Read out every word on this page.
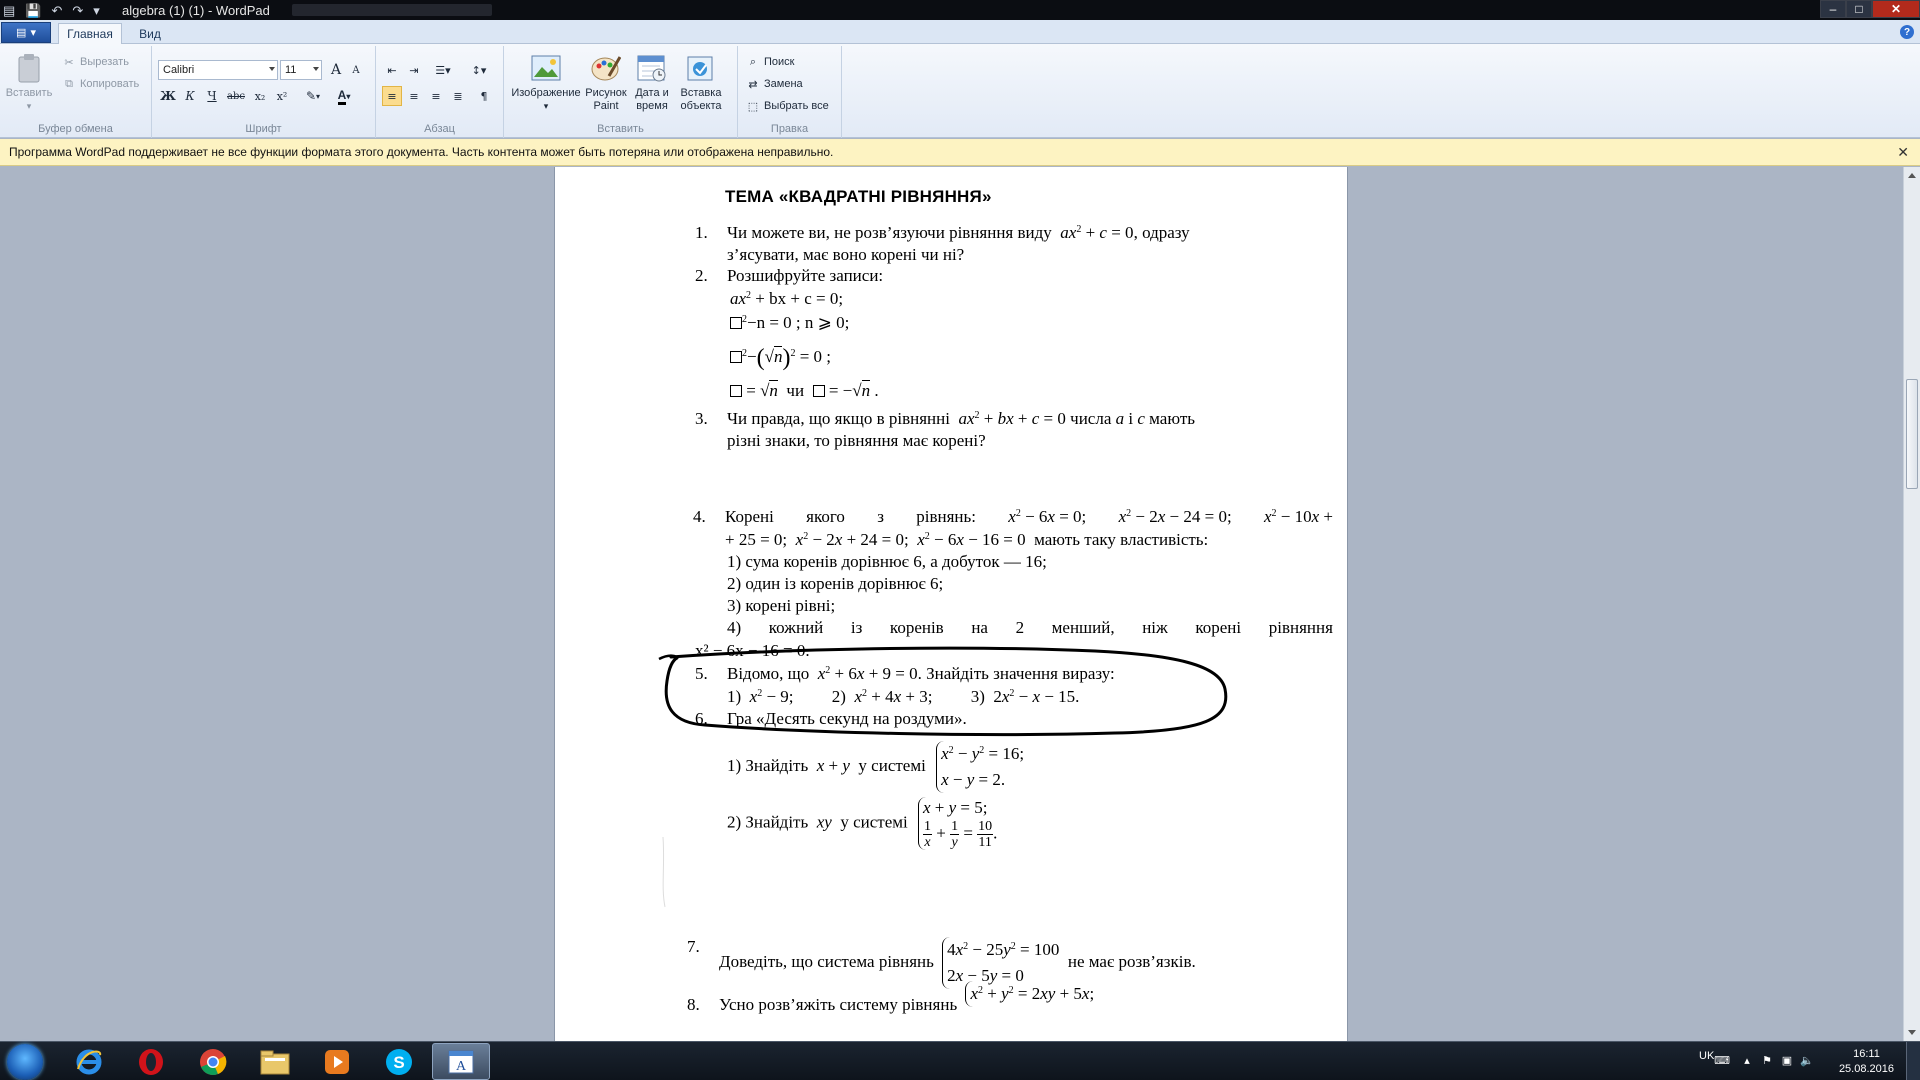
▤ 💾 ↶ ↷ ▾	algebra (1) (1) - WordPad	‒	□	✕
▤ ▾	Главная	Вид	?
Вставить
▾
✂ Вырезать
⧉ Копировать
Буфер обмена
Calibri	11	A	A
Ж К	Ч	abc x₂	x²	✎ ▾ A ▾
Шрифт
⇤	⇥	☰▾	↕▾
≡	≡	≡	≣	¶
Абзац
Изображение
▾
Рисунок
Paint
Дата и
время
Вставка
объекта
Вставить
⌕ Поиск
⇄ Замена
⬚ Выбрать все
Правка
Программа WordPad поддерживает не все функции формата этого документа. Часть контента может быть потеряна или отображена неправильно.	✕
ТЕМА «КВАДРАТНІ РІВНЯННЯ»
1. Чи можете ви, не розв’язуючи рівняння виду $ax^2 + c = 0$, одразу
з’ясувати, має воно корені чи ні?
2. Розшифруйте записи:
$ax^2$ + bx + c = 0;
$^2$−n = 0 ; n ⩾ 0;
$^2-(√n)^2 = 0$ ;
= √n чи   = −√n .
3. Чи правда, що якщо в рівнянні $ax^2$ + bx + c = 0 числа a і c мають
різні знаки, то рівняння має корені?
4. Корені якого з рівнянь: $x^2 - 6x = 0$; $x^2 - 2x - 24 = 0$; $x^2 - 10x$ +
+ 25 = 0;  $x^2 - 2x + 24 = 0$;  $x^2 - 6x - 16 = 0$  мають таку властивість:
1) сума коренів дорівнює 6, а добуток — 16;
2) один із коренів дорівнює 6;
3) корені рівні;
4) кожний із коренів на 2 менший, ніж корені рівняння
x² − 6x − 16 = 0.
5. Відомо, що $x^2 + 6x + 9 = 0$. Знайдіть значення виразу:
1)  $x^2 - 9$;         2)  $x^2 + 4x + 3$;         3)  $2x^2 - x - 15$.
6. Гра «Десять секунд на роздуми».
1) Знайдіть x + y у системі $x^2 - y^2 = 16$;
x − y = 2.
2) Знайдіть xy у системі x + y = 5;

$\frac{1}{x} + \frac{1}{y} = \frac{10}{11}$ .
7.
Доведіть, що система рівнянь $4x^2 - 25y^2 = 100$
2x − 5y = 0  не має розв’язків.
8. Усно розв’яжіть систему рівнянь $x^2 + y^2 = 2xy + 5x$;
S	A
UK ⌨	▴	⚑ ▣ 🔈
16:11
25.08.2016
